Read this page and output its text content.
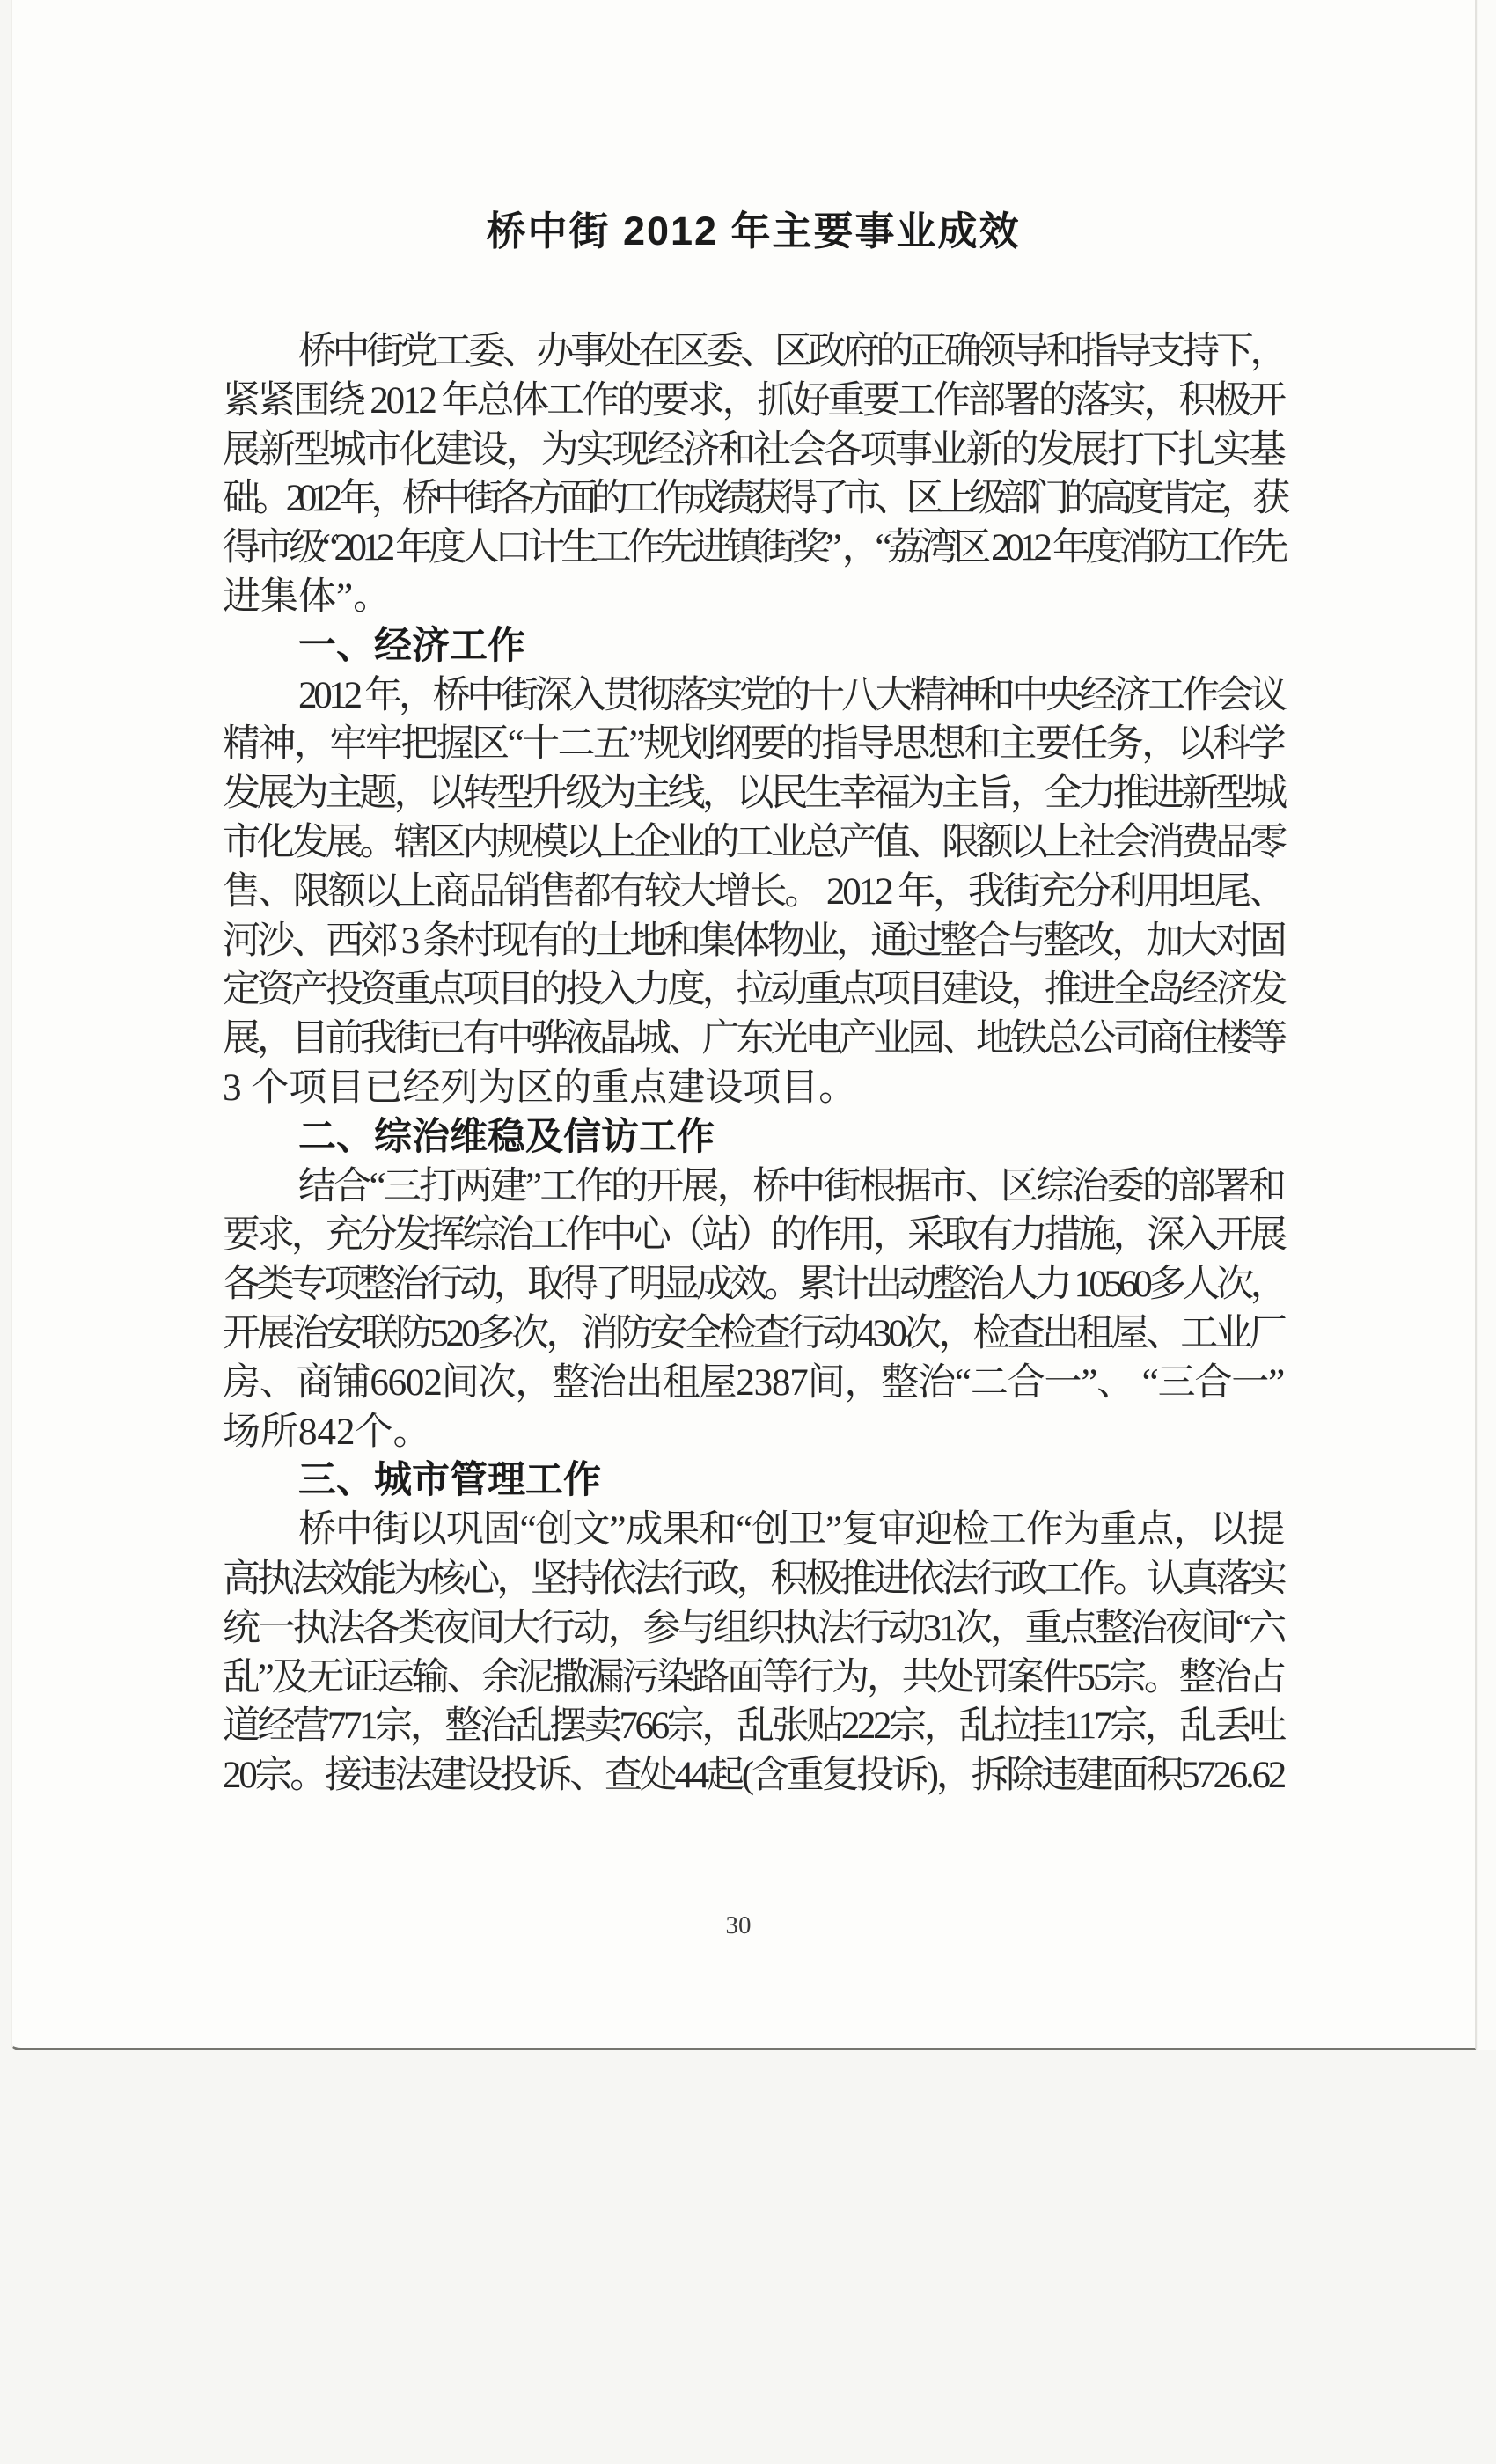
桥中街 2012 年主要事业成效
桥中街党工委、办事处在区委、区政府的正确领导和指导支持下，
紧紧围绕 2012 年总体工作的要求，抓好重要工作部署的落实，积极开
展新型城市化建设，为实现经济和社会各项事业新的发展打下扎实基
础。2012 年，桥中街各方面的工作成绩获得了市、区上级部门的高度肯定，获
得市级“2012 年度人口计生工作先进镇街奖” ，“荔湾区 2012 年度消防工作先
进集体”。
一、经济工作
2012 年，桥中街深入贯彻落实党的十八大精神和中央经济工作会议
精神，牢牢把握区“十二五”规划纲要的指导思想和主要任务，以科学
发展为主题，以转型升级为主线，以民生幸福为主旨，全力推进新型城
市化发展。辖区内规模以上企业的工业总产值、限额以上社会消费品零
售、限额以上商品销售都有较大增长。 2012 年，我街充分利用坦尾、
河沙、西郊 3 条村现有的土地和集体物业，通过整合与整改，加大对固
定资产投资重点项目的投入力度，拉动重点项目建设，推进全岛经济发
展，目前我街已有中骅液晶城、广东光电产业园、地铁总公司商住楼等
3 个项目已经列为区的重点建设项目。
二、综治维稳及信访工作
结合“三打两建”工作的开展，桥中街根据市、区综治委的部署和
要求，充分发挥综治工作中心（站）的作用，采取有力措施，深入开展
各类专项整治行动，取得了明显成效。累计出动整治人力 10560多人次，
开展治安联防520多次，消防安全检查行动430次，检查出租屋、工业厂
房、商铺6602间次，整治出租屋2387间，整治“二合一”、 “三合一”
场所842个。
三、城市管理工作
桥中街以巩固“创文”成果和“创卫”复审迎检工作为重点，以提
高执法效能为核心，坚持依法行政，积极推进依法行政工作。认真落实
统一执法各类夜间大行动，参与组织执法行动31次，重点整治夜间“六
乱”及无证运输、余泥撒漏污染路面等行为，共处罚案件55宗。整治占
道经营771宗，整治乱摆卖766宗，乱张贴222宗，乱拉挂117宗，乱丢吐
20宗。接违法建设投诉、查处44起(含重复投诉)，拆除违建面积5726.62
30
